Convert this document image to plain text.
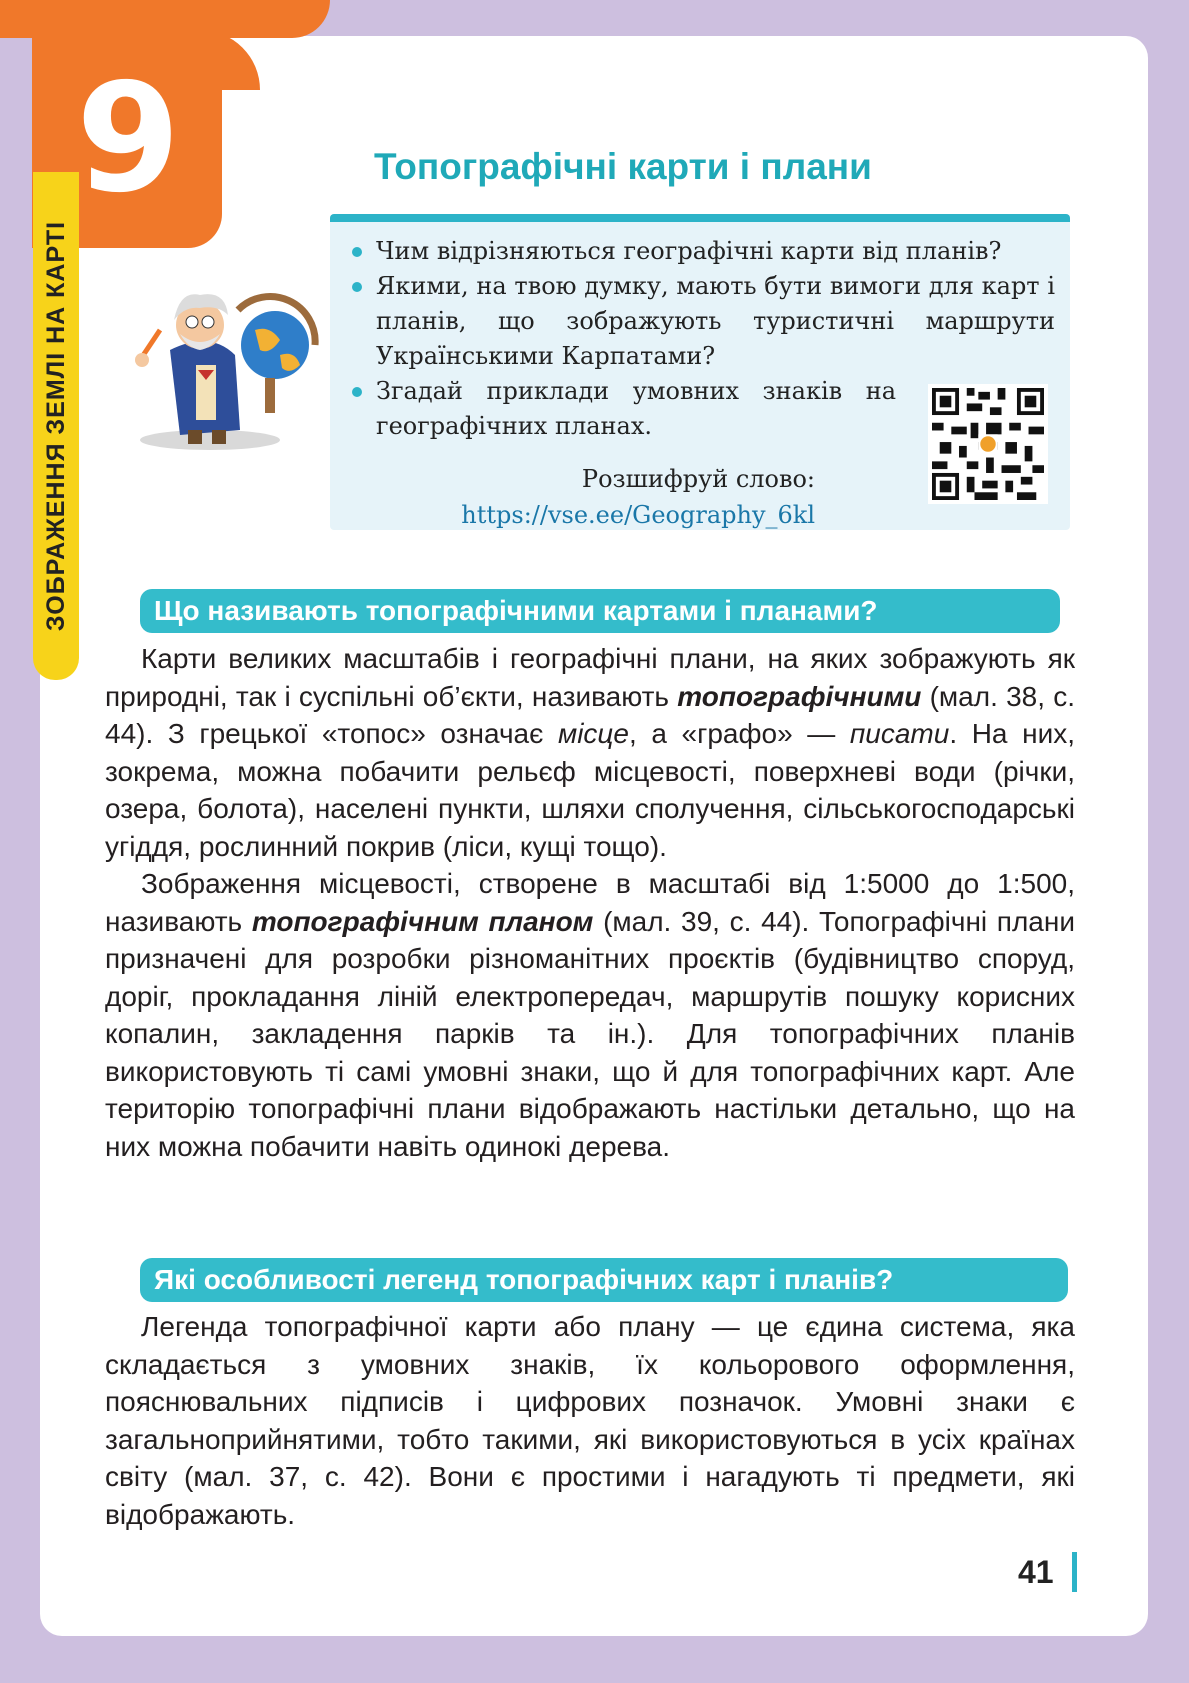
9
ЗОБРАЖЕННЯ ЗЕМЛІ НА КАРТІ
Топографічні карти і плани
Чим відрізняються географічні карти від планів?
Якими, на твою думку, мають бути вимоги для карт і планів, що зображують туристичні маршрути Українськими Карпатами?
Згадай приклади умовних знаків на географічних планах.
Розшифруй слово:
https://vse.ee/Geography_6kl
Що називають топографічними картами і планами?

Карти великих масштабів і географічні плани, на яких зображують як природні, так і суспільні об’єкти, називають топографічними (мал. 38, с. 44). З грецької «топос» означає місце, а «графо» — писати. На них, зокрема, можна побачити рельєф місцевості, поверхневі води (річки, озера, болота), населені пункти, шляхи сполучення, сільськогосподарські угіддя, рослинний покрив (ліси, кущі тощо).

Зображення місцевості, створене в масштабі від 1:5000 до 1:500, називають топографічним планом (мал. 39, с. 44). Топографічні плани призначені для розробки різноманітних проєктів (будівництво споруд, доріг, прокладання ліній електропередач, маршрутів пошуку корисних копалин, закладення парків та ін.). Для топографічних планів використовують ті самі умовні знаки, що й для топографічних карт. Але територію топографічні плани відображають настільки детально, що на них можна побачити навіть одинокі дерева.

Які особливості легенд топографічних карт і планів?

Легенда топографічної карти або плану — це єдина система, яка складається з умовних знаків, їх кольорового оформлення, пояснювальних підписів і цифрових позначок. Умовні знаки є загальноприйнятими, тобто такими, які використовуються в усіх країнах світу (мал. 37, с. 42). Вони є простими і нагадують ті предмети, які відображають.

41
